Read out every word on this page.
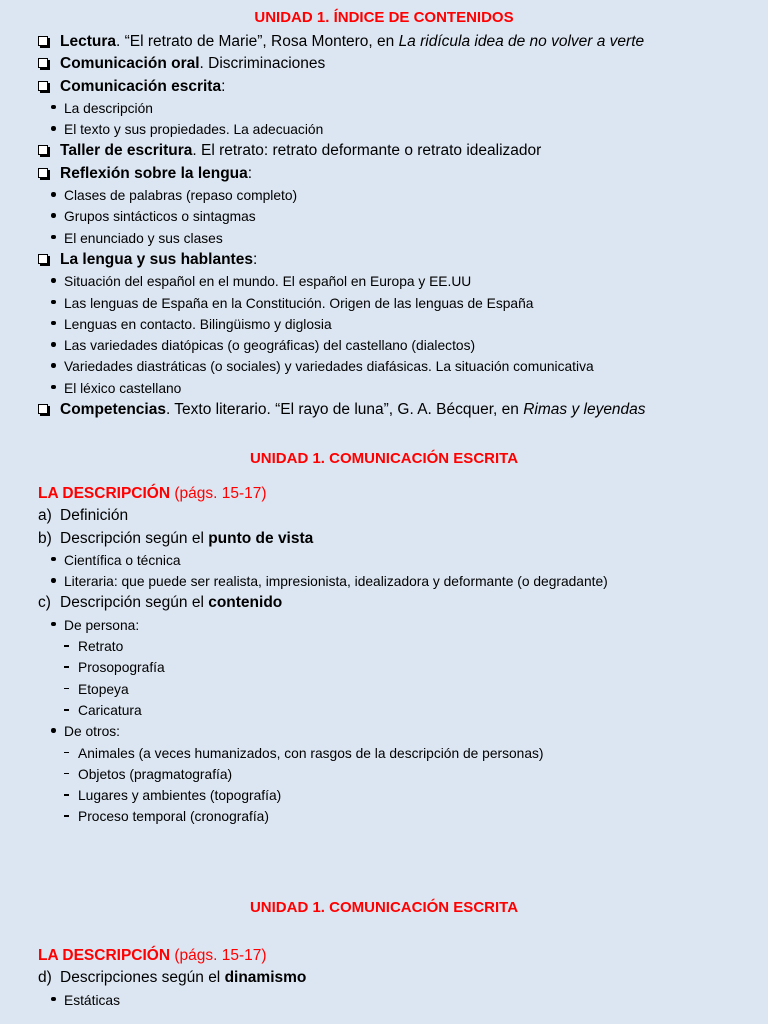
UNIDAD 1. ÍNDICE DE CONTENIDOS
Lectura. “El retrato de Marie”, Rosa Montero, en La ridícula idea de no volver a verte
Comunicación oral. Discriminaciones
Comunicación escrita:
La descripción
El texto y sus propiedades. La adecuación
Taller de escritura. El retrato: retrato deformante o retrato idealizador
Reflexión sobre la lengua:
Clases de palabras (repaso completo)
Grupos sintácticos o sintagmas
El enunciado y sus clases
La lengua y sus hablantes:
Situación del español en el mundo. El español en Europa y EE.UU
Las lenguas de España en la Constitución. Origen de las lenguas de España
Lenguas en contacto. Bilingüismo y diglosia
Las variedades diatópicas (o geográficas) del castellano (dialectos)
Variedades diastráticas (o sociales) y variedades diafásicas. La situación comunicativa
El léxico castellano
Competencias. Texto literario. “El rayo de luna”, G. A. Bécquer, en Rimas y leyendas
UNIDAD 1. COMUNICACIÓN ESCRITA
LA DESCRIPCIÓN (págs. 15-17)
a) Definición
b) Descripción según el punto de vista
Científica o técnica
Literaria: que puede ser realista, impresionista, idealizadora y deformante (o degradante)
c) Descripción según el contenido
De persona:
Retrato
Prosopografía
Etopeya
Caricatura
De otros:
Animales (a veces humanizados, con rasgos de la descripción de personas)
Objetos (pragmatografía)
Lugares y ambientes (topografía)
Proceso temporal (cronografía)
UNIDAD 1. COMUNICACIÓN ESCRITA
LA DESCRIPCIÓN (págs. 15-17)
d) Descripciones según el dinamismo
Estáticas
